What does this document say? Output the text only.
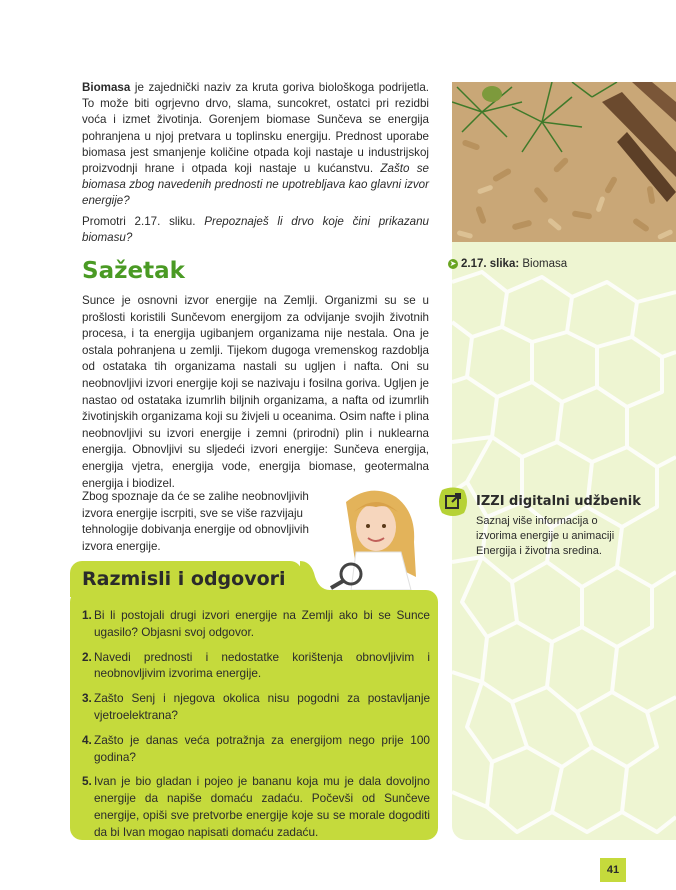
➤ 2.17. slika: Biomasa

Biomasa je zajednički naziv za kruta goriva biološkoga podrijetla. To može biti ogrjevno drvo, slama, suncokret, ostatci pri rezidbi voća i izmet životinja. Gorenjem biomase Sunčeva se energija pohranjena u njoj pretvara u toplinsku energiju. Prednost uporabe biomasa jest smanjenje količine otpada koji nastaje u industrijskoj proizvodnji hrane i otpada koji nastaje u kućanstvu. Zašto se biomasa zbog navedenih prednosti ne upotrebljava kao glavni izvor energije?

Promotri 2.17. sliku. Prepoznaješ li drvo koje čini prikazanu biomasu?

Sažetak
Sunce je osnovni izvor energije na Zemlji. Organizmi su se u prošlosti koristili Sunčevom energijom za odvijanje svojih životnih procesa, i ta energija ugibanjem organizama nije nestala. Ona je ostala pohranjena u zemlji. Tijekom dugoga vremenskog razdoblja od ostataka tih organizama nastali su ugljen i nafta. Oni su neobnovljivi izvori energije koji se nazivaju i fosilna goriva. Ugljen je nastao od ostataka izumrlih biljnih organizama, a nafta od izumrlih životinjskih organizama koji su živjeli u oceanima. Osim nafte i plina neobnovljivi su izvori energije i zemni (prirodni) plin i nuklearna energija. Obnovljivi su sljedeći izvori energije: Sunčeva energija, energija vjetra, energija vode, energija biomase, geotermalna energija i biodizel.
Zbog spoznaje da će se zalihe neobnovljivih izvora energije iscrpiti, sve se više razvijaju tehnologije dobivanja energije od obnovljivih izvora energije.
Razmisli i odgovori
1. Bi li postojali drugi izvori energije na Zemlji ako bi se Sunce ugasilo? Objasni svoj odgovor.
2. Navedi prednosti i nedostatke korištenja obnovljivim i neobnovljivim izvorima energije.
3. Zašto Senj i njegova okolica nisu pogodni za postavljanje vjetroelektrana?
4. Zašto je danas veća potražnja za energijom nego prije 100 godina?
5. Ivan je bio gladan i pojeo je bananu koja mu je dala dovoljno energije da napiše domaću zadaću. Počevši od Sunčeve energije, opiši sve pretvorbe energije koje su se morale dogoditi da bi Ivan mogao napisati domaću zadaću.
IZZI digitalni udžbenik
Saznaj više informacija o izvorima energije u animaciji Energija i životna sredina.
41
